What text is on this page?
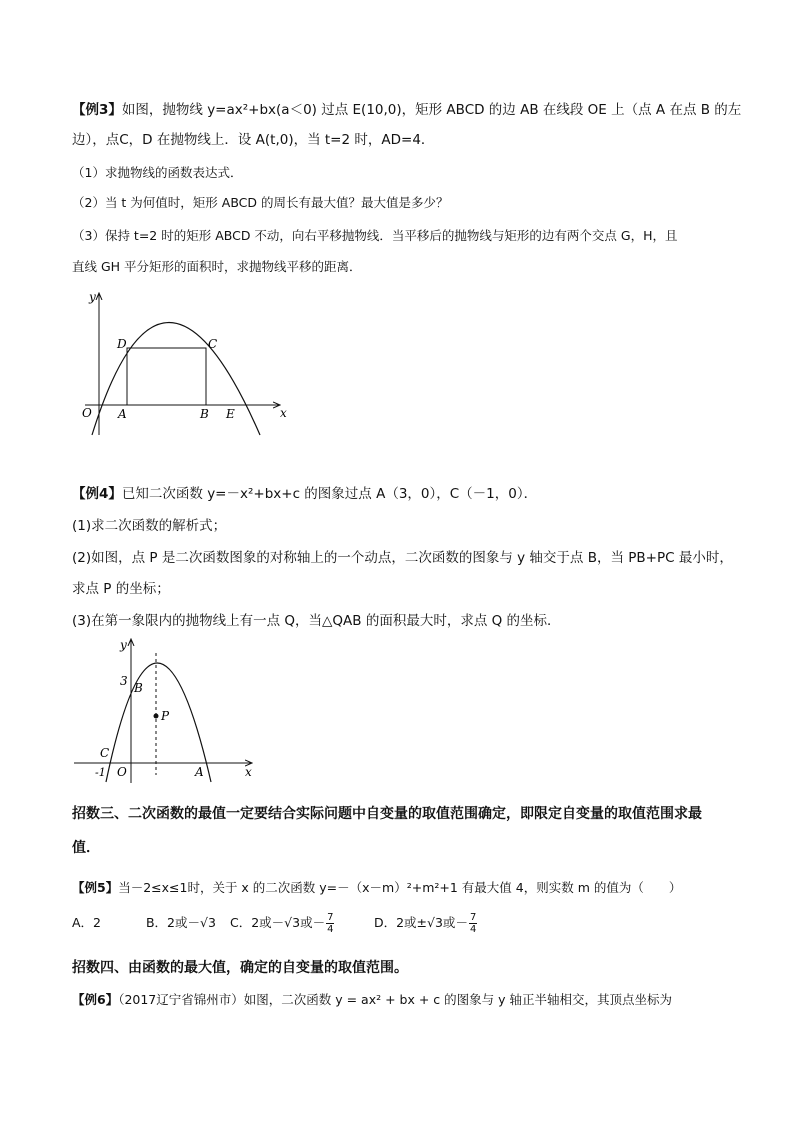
【例3】如图，抛物线 y=ax²+bx(a＜0) 过点 E(10,0)，矩形 ABCD 的边 AB 在线段 OE 上（点 A 在点 B 的左
边），点C，D 在抛物线上．设 A(t,0)，当 t=2 时，AD=4．
（1）求抛物线的函数表达式．
（2）当 t 为何值时，矩形 ABCD 的周长有最大值？最大值是多少？
（3）保持 t=2 时的矩形 ABCD 不动，向右平移抛物线．当平移后的抛物线与矩形的边有两个交点 G，H，且
直线 GH 平分矩形的面积时，求抛物线平移的距离．
y
x
O A	B E
D	C
【例4】已知二次函数 y=－x²+bx+c 的图象过点 A（3，0），C（－1，0）．
(1)求二次函数的解析式；
(2)如图，点 P 是二次函数图象的对称轴上的一个动点，二次函数的图象与 y 轴交于点 B，当 PB+PC 最小时，
求点 P 的坐标；
(3)在第一象限内的抛物线上有一点 Q，当△QAB 的面积最大时，求点 Q 的坐标．
y
x
3 B
P
C
-1 O	A
招数三、二次函数的最值一定要结合实际问题中自变量的取值范围确定，即限定自变量的取值范围求最
值．
【例5】当－2≤x≤1时，关于 x 的二次函数 y=－（x－m）²+m²+1 有最大值 4，则实数 m 的值为（　　）
A．2	B．2或－√3 C．2或－√3或－ $\frac{7}{4}$	D．2或±√3或－ $\frac{7}{4}$
招数四、由函数的最大值，确定的自变量的取值范围。
【例6】（2017辽宁省锦州市）如图，二次函数 y = ax² + bx + c 的图象与 y 轴正半轴相交，其顶点坐标为
